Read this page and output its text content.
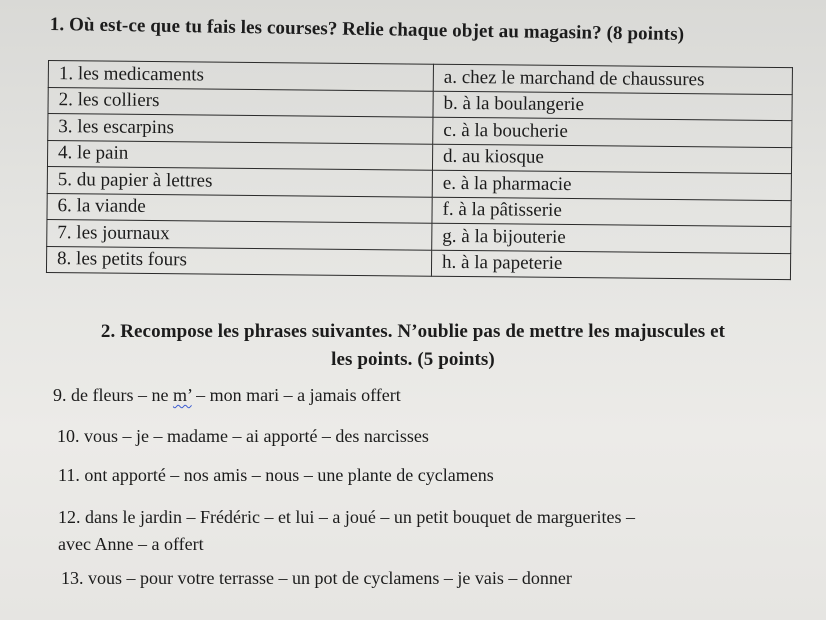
1. Où est-ce que tu fais les courses? Relie chaque objet au magasin? (8 points)
1. les medicaments	a. chez le marchand de chaussures
2. les colliers	b. à la boulangerie
3. les escarpins	c. à la boucherie
4. le pain	d. au kiosque
5. du papier à lettres	e. à la pharmacie
6. la viande	f. à la pâtisserie
7. les journaux	g. à la bijouterie
8. les petits fours	h. à la papeterie
2. Recompose les phrases suivantes. N’oublie pas de mettre les majuscules et
les points. (5 points)
9. de fleurs – ne m’ – mon mari – a jamais offert
10. vous – je – madame – ai apporté – des narcisses
11. ont apporté – nos amis – nous – une plante de cyclamens
12. dans le jardin – Frédéric – et lui – a joué – un petit bouquet de marguerites –
avec Anne – a offert
13. vous – pour votre terrasse – un pot de cyclamens – je vais – donner
